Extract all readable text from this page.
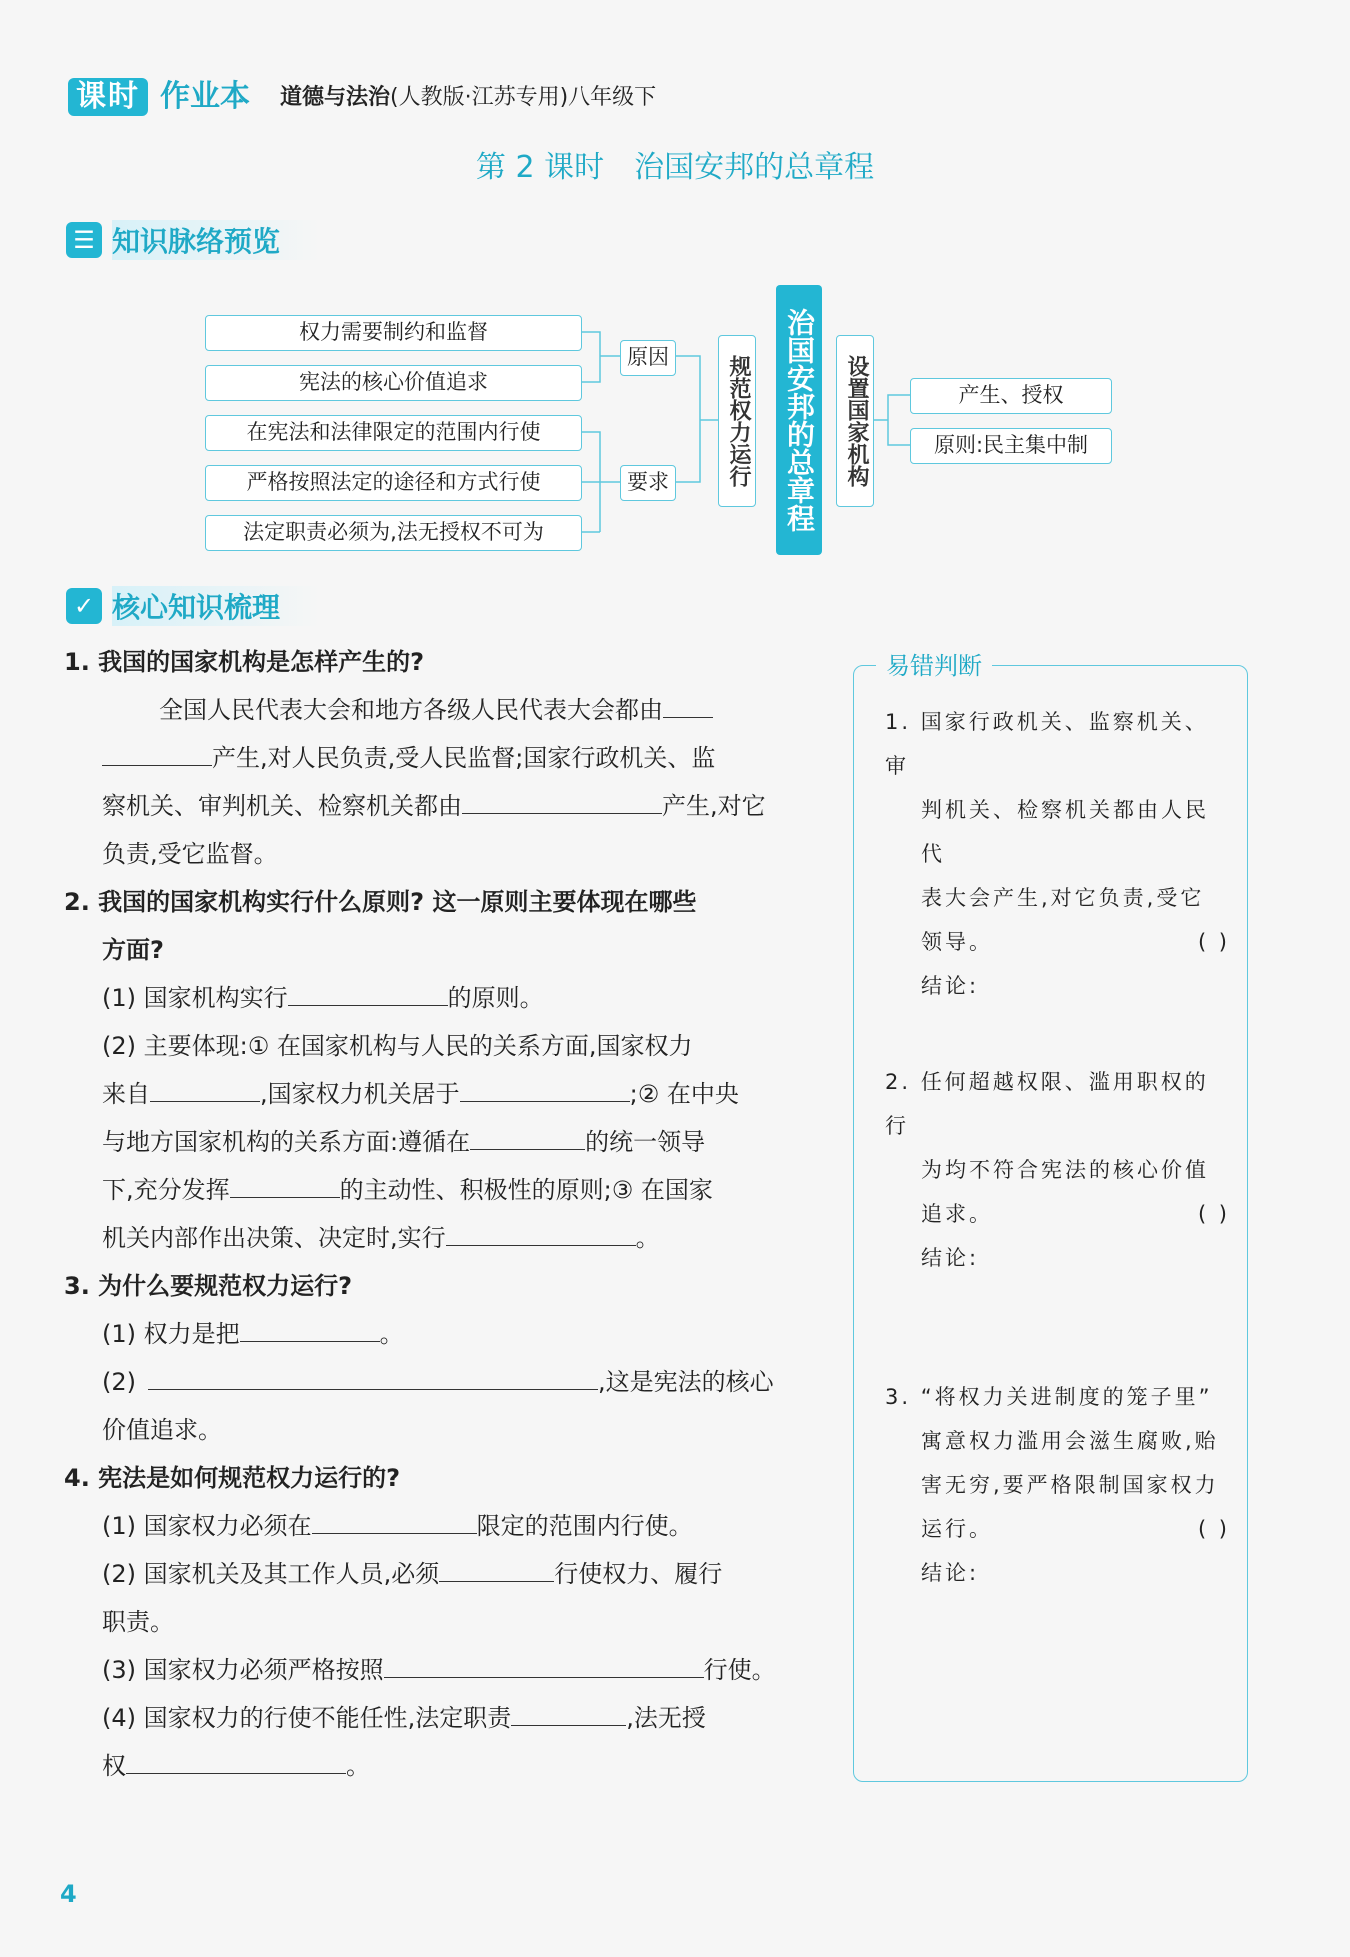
课时 作业本 道德与法治(人教版·江苏专用)八年级下
第 2 课时　治国安邦的总章程
☰ 知识脉络预览
权力需要制约和监督
宪法的核心价值追求
在宪法和法律限定的范围内行使
严格按照法定的途径和方式行使
法定职责必须为,法无授权不可为
原因
要求	规范权力运行 治国安邦的总章程	设置国家机构	产生、授权
原则:民主集中制
✓ 核心知识梳理
1. 我国的国家机构是怎样产生的?
全国人民代表大会和地方各级人民代表大会都由
产生,对人民负责,受人民监督;国家行政机关、监
察机关、审判机关、检察机关都由	产生,对它
负责,受它监督。
2. 我国的国家机构实行什么原则? 这一原则主要体现在哪些
方面?
(1) 国家机构实行	的原则。
(2) 主要体现:① 在国家机构与人民的关系方面,国家权力
来自	,国家权力机关居于	;② 在中央
与地方国家机构的关系方面:遵循在	的统一领导
下,充分发挥	的主动性、积极性的原则;③ 在国家
机关内部作出决策、决定时,实行	。
3. 为什么要规范权力运行?
(1) 权力是把	。
(2)	,这是宪法的核心
价值追求。
4. 宪法是如何规范权力运行的?
(1) 国家权力必须在	限定的范围内行使。
(2) 国家机关及其工作人员,必须	行使权力、履行
职责。
(3) 国家权力必须严格按照	行使。
(4) 国家权力的行使不能任性,法定职责	,法无授
权	。
易错判断
1. 国家行政机关、监察机关、审
判机关、检察机关都由人民代
表大会产生,对它负责,受它
领导。	( )
结论:
2. 任何超越权限、滥用职权的行
为均不符合宪法的核心价值
追求。	( )
结论:
3. “将权力关进制度的笼子里”
寓意权力滥用会滋生腐败,贻
害无穷,要严格限制国家权力
运行。	( )
结论:
4
